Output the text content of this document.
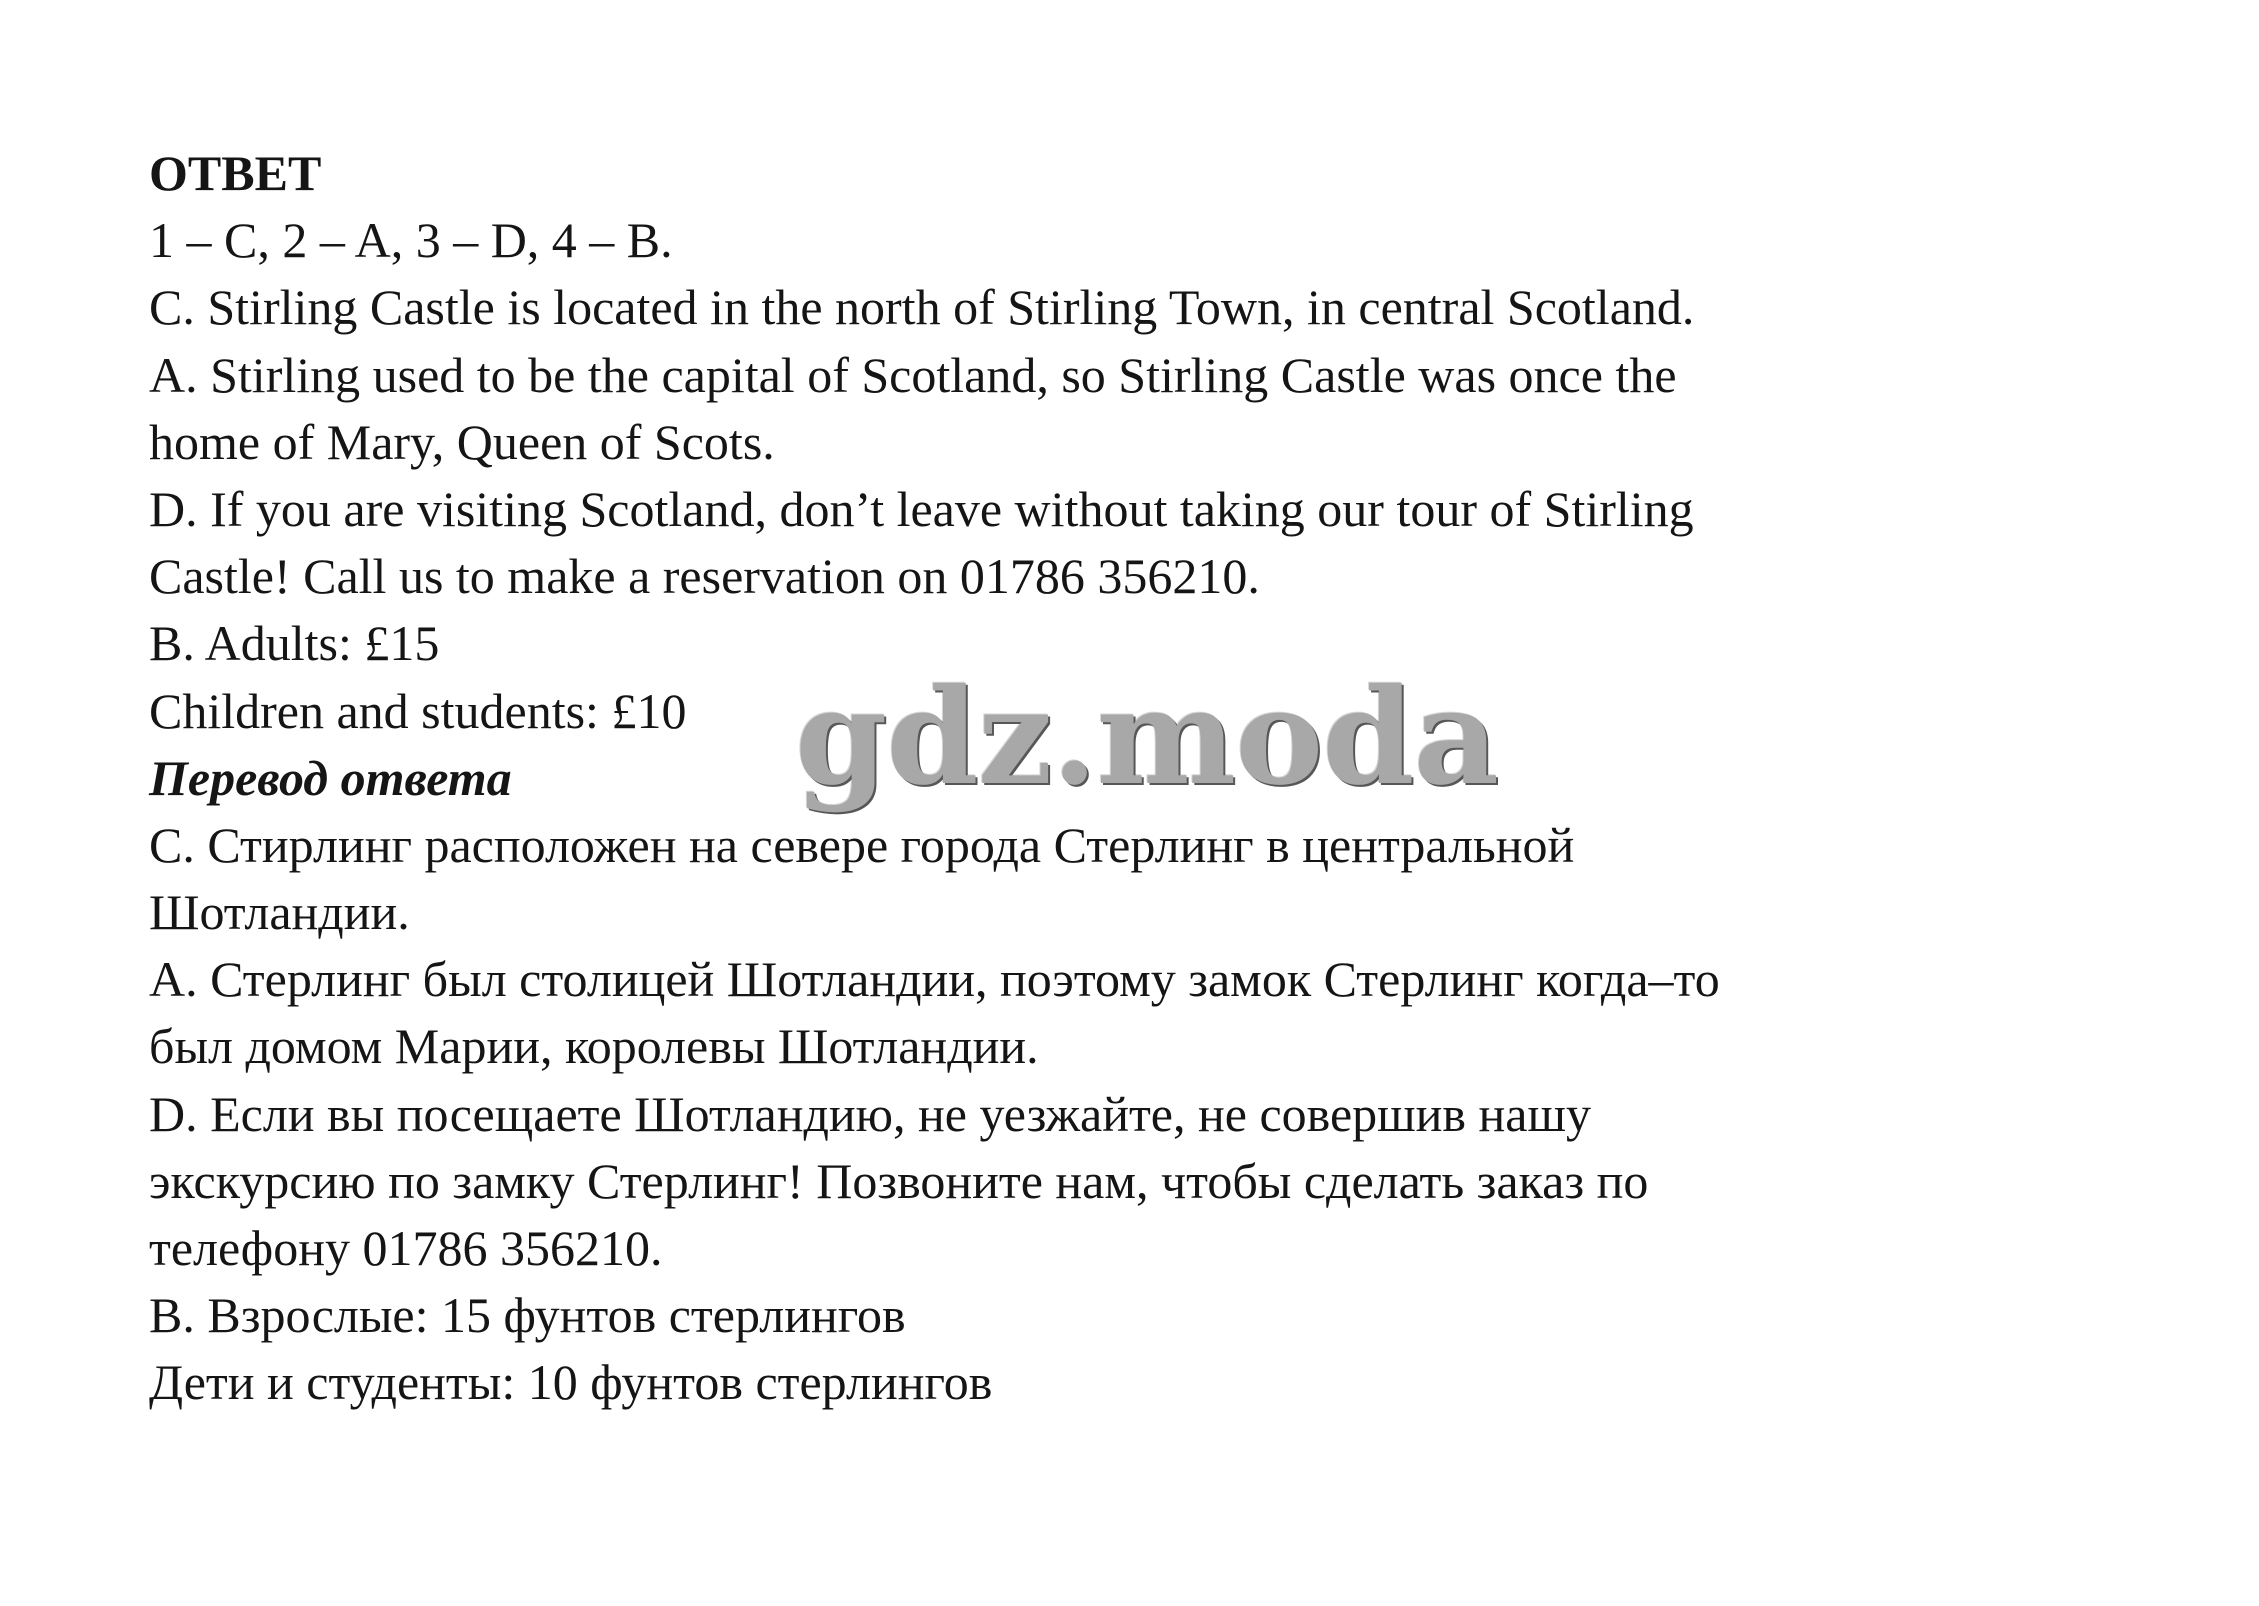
ОТВЕТ
1 – C, 2 – A, 3 – D, 4 – B.
C. Stirling Castle is located in the north of Stirling Town, in central Scotland.
A. Stirling used to be the capital of Scotland, so Stirling Castle was once the
home of Mary, Queen of Scots.
D. If you are visiting Scotland, don’t leave without taking our tour of Stirling
Castle! Call us to make a reservation on 01786 356210.
B. Adults: £15
Children and students: £10
Перевод ответа
C. Стирлинг расположен на севере города Стерлинг в центральной
Шотландии.
A. Стерлинг был столицей Шотландии, поэтому замок Стерлинг когда–то
был домом Марии, королевы Шотландии.
D. Если вы посещаете Шотландию, не уезжайте, не совершив нашу
экскурсию по замку Стерлинг! Позвоните нам, чтобы сделать заказ по
телефону 01786 356210.
B. Взрослые: 15 фунтов стерлингов
Дети и студенты: 10 фунтов стерлингов
gdz.moda
